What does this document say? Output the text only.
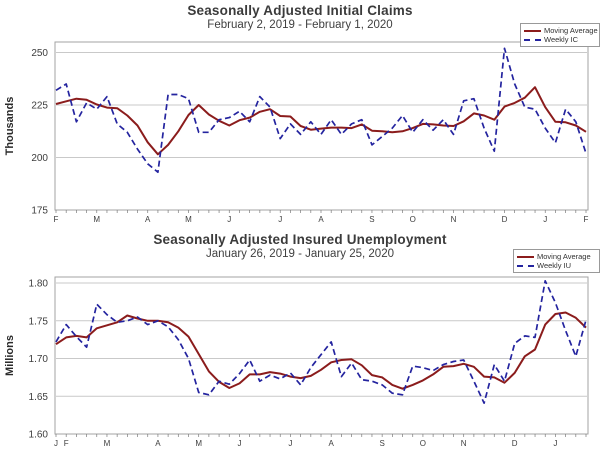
Seasonally Adjusted Initial Claims
February 2, 2019 - February 1, 2020	Moving Average
Weekly IC
175
200
225
250
F	M	A	M	J	J	A	S	O	N	D	J	F
Thousands
Seasonally Adjusted Insured Unemployment
January 26, 2019 - January 25, 2020	Moving Average
Weekly IU
1.60
1.65
1.70
1.75
1.80
J F	M	A	M	J	J	A	S	O	N	D	J
Millions
